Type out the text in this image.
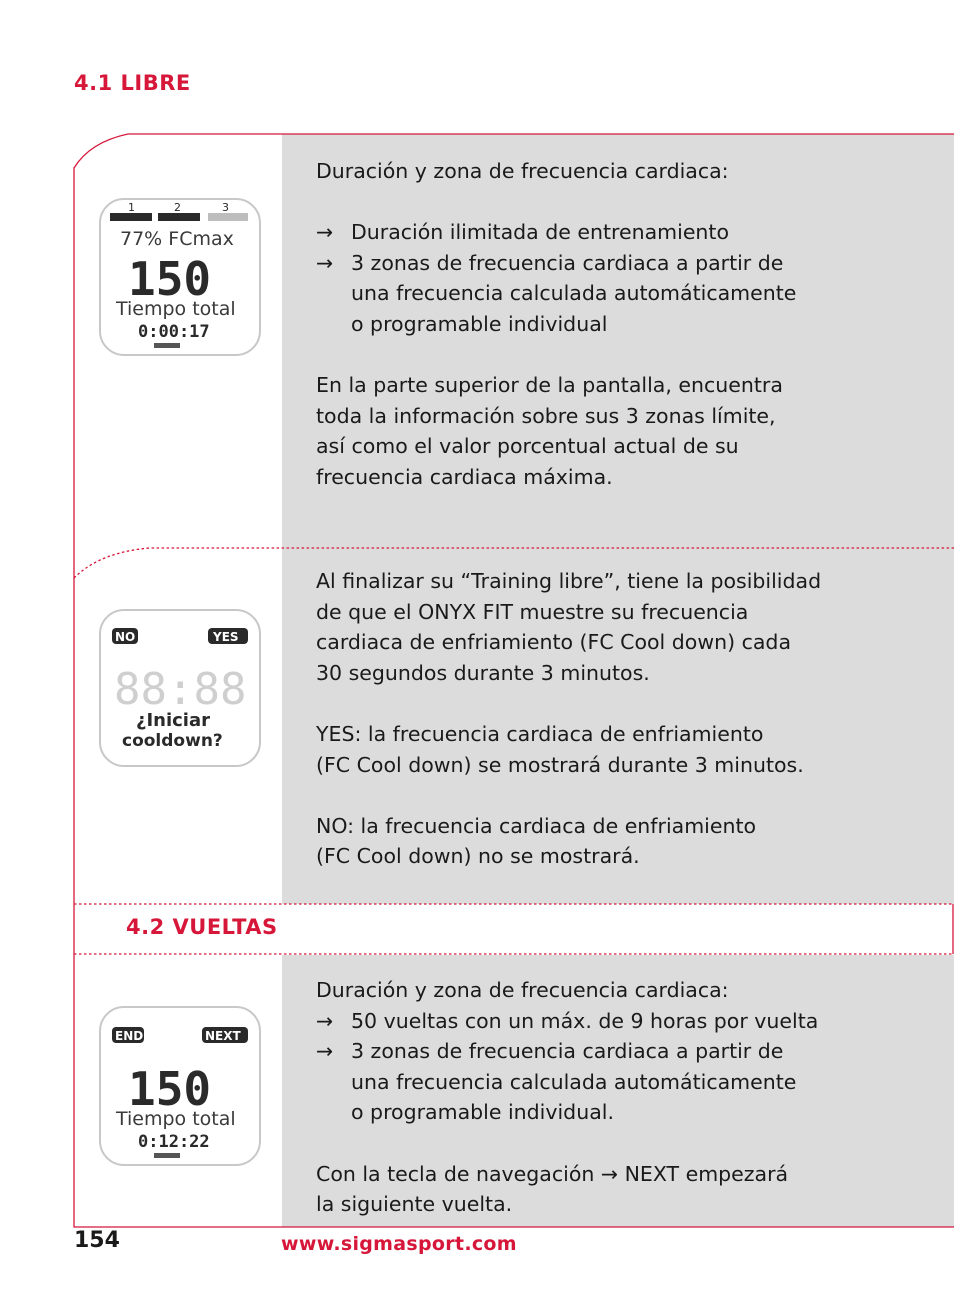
4.1 LIBRE
4.2 VUELTAS
1	2	3
77% FCmax
150
Tiempo total
0:00:17
NO	YES
88:88
¿Iniciar
cooldown?
END	NEXT
150
Tiempo total
0:12:22

Duración y zona de frecuencia cardiaca:

→ Duración ilimitada de entrenamiento

→ 3 zonas de frecuencia cardiaca a partir de

una frecuencia calculada automáticamente

o programable individual

En la parte superior de la pantalla, encuentra

toda la información sobre sus 3 zonas límite,

así como el valor porcentual actual de su

frecuencia cardiaca máxima.

Al finalizar su “Training libre”, tiene la posibilidad

de que el ONYX FIT muestre su frecuencia

cardiaca de enfriamiento (FC Cool down) cada

30 segundos durante 3 minutos.

YES: la frecuencia cardiaca de enfriamiento

(FC Cool down) se mostrará durante 3 minutos.

NO: la frecuencia cardiaca de enfriamiento

(FC Cool down) no se mostrará.

Duración y zona de frecuencia cardiaca:

→ 50 vueltas con un máx. de 9 horas por vuelta

→ 3 zonas de frecuencia cardiaca a partir de

una frecuencia calculada automáticamente

o programable individual.

Con la tecla de navegación → NEXT empezará

la siguiente vuelta.

154	www.sigmasport.com
